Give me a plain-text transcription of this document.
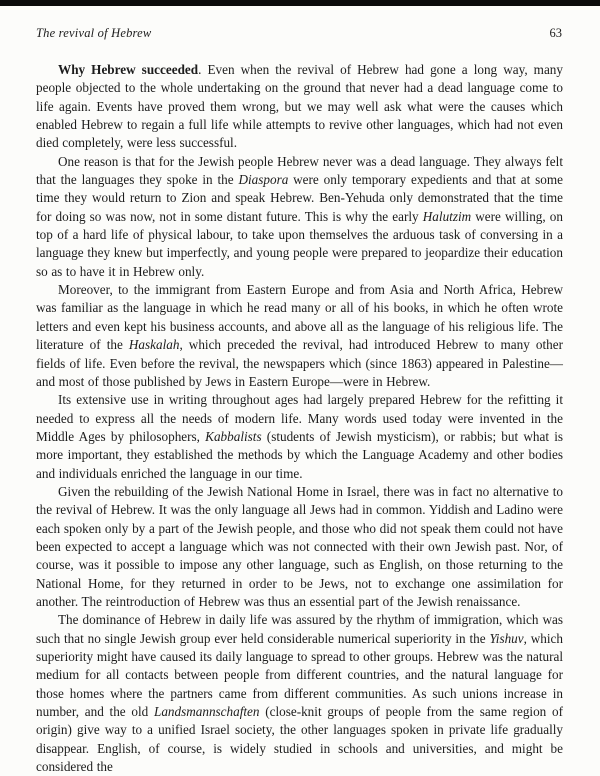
The revival of Hebrew	63

Why Hebrew succeeded. Even when the revival of Hebrew had gone a long way, many people objected to the whole undertaking on the ground that never had a dead language come to life again. Events have proved them wrong, but we may well ask what were the causes which enabled Hebrew to regain a full life while attempts to revive other languages, which had not even died completely, were less successful.

One reason is that for the Jewish people Hebrew never was a dead language. They always felt that the languages they spoke in the Diaspora were only temporary expedients and that at some time they would return to Zion and speak Hebrew. Ben-Yehuda only demonstrated that the time for doing so was now, not in some distant future. This is why the early Halutzim were willing, on top of a hard life of physical labour, to take upon themselves the arduous task of conversing in a language they knew but imperfectly, and young people were prepared to jeopardize their education so as to have it in Hebrew only.

Moreover, to the immigrant from Eastern Europe and from Asia and North Africa, Hebrew was familiar as the language in which he read many or all of his books, in which he often wrote letters and even kept his business accounts, and above all as the language of his religious life. The literature of the Haskalah, which preceded the revival, had introduced Hebrew to many other fields of life. Even before the revival, the newspapers which (since 1863) appeared in Palestine—and most of those published by Jews in Eastern Europe—were in Hebrew.

Its extensive use in writing throughout ages had largely prepared Hebrew for the refitting it needed to express all the needs of modern life. Many words used today were invented in the Middle Ages by philosophers, Kabbalists (students of Jewish mysticism), or rabbis; but what is more important, they established the methods by which the Language Academy and other bodies and individuals enriched the language in our time.

Given the rebuilding of the Jewish National Home in Israel, there was in fact no alternative to the revival of Hebrew. It was the only language all Jews had in common. Yiddish and Ladino were each spoken only by a part of the Jewish people, and those who did not speak them could not have been expected to accept a language which was not connected with their own Jewish past. Nor, of course, was it possible to impose any other language, such as English, on those returning to the National Home, for they returned in order to be Jews, not to exchange one assimilation for another. The reintroduction of Hebrew was thus an essential part of the Jewish renaissance.

The dominance of Hebrew in daily life was assured by the rhythm of immigration, which was such that no single Jewish group ever held considerable numerical superiority in the Yishuv, which superiority might have caused its daily language to spread to other groups. Hebrew was the natural medium for all contacts between people from different countries, and the natural language for those homes where the partners came from different communities. As such unions increase in number, and the old Landsmannschaften (close-knit groups of people from the same region of origin) give way to a unified Israel society, the other languages spoken in private life gradually disappear. English, of course, is widely studied in schools and universities, and might be considered the
